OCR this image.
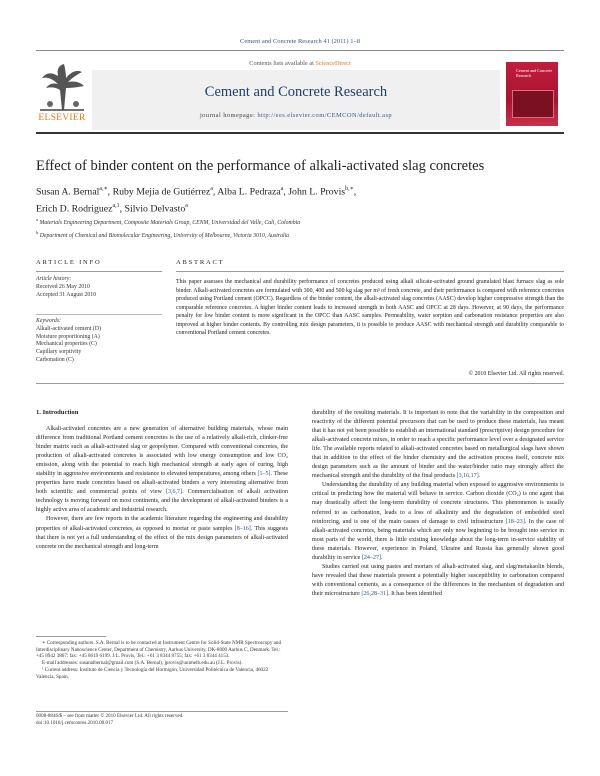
Cement and Concrete Research 41 (2011) 1–8
Contents lists available at ScienceDirect
Cement and Concrete Research
journal homepage: http://ees.elsevier.com/CEMCON/default.asp
ELSEVIER
Cement and Concrete Research
Effect of binder content on the performance of alkali-activated slag concretes
Susan A. Bernal$^{a,∗}$, Ruby Mejía de Gutiérrez$^a$, Alba L. Pedraza$^a$, John L. Provis$^{b,∗}$,
Erich D. Rodriguez$^{a,1}$, Silvio Delvasto$^a$
$^a$ Materials Engineering Department, Composite Materials Group, CENM, Universidad del Valle, Cali, Colombia
$^b$ Department of Chemical and Biomolecular Engineering, University of Melbourne, Victoria 3010, Australia
ARTICLE INFO	ABSTRACT
Article history:
Received 26 May 2010
Accepted 31 August 2010
Keywords:
Alkali-activated cement (D)
Moisture proportioning (A)
Mechanical properties (C)
Capillary sorptivity
Carbonation (C)
This paper assesses the mechanical and durability performance of concretes produced using alkali silicate-activated ground granulated blast furnace slag as sole binder. Alkali-activated concretes are formulated with 300, 400 and 500 kg slag per m³ of fresh concrete, and their performance is compared with reference concretes produced using Portland cement (OPCC). Regardless of the binder content, the alkali-activated slag concretes (AASC) develop higher compressive strength than the comparable reference concretes. A higher binder content leads to increased strength in both AASC and OPCC at 28 days. However, at 90 days, the performance penalty for low binder content is more significant in the OPCC than AASC samples. Permeability, water sorption and carbonation resistance properties are also improved at higher binder contents. By controlling mix design parameters, it is possible to produce AASC with mechanical strength and durability comparable to conventional Portland cement concretes.
© 2010 Elsevier Ltd. All rights reserved.
1. Introduction

Alkali-activated concretes are a new generation of alternative building materials, whose main difference from traditional Portland cement concretes is the use of a relatively alkali-rich, clinker-free binder matrix such as alkali-activated slag or geopolymer. Compared with conventional concretes, the production of alkali-activated concretes is associated with low energy consumption and low CO₂ emission, along with the potential to reach high mechanical strength at early ages of curing, high stability in aggressive environments and resistance to elevated temperatures, among others [1–5]. These properties have made concretes based on alkali-activated binders a very interesting alternative from both scientific and commercial points of view [3,6,7]. Commercialisation of alkali activation technology is moving forward on most continents, and the development of alkali-activated binders is a highly active area of academic and industrial research.

However, there are few reports in the academic literature regarding the engineering and durability properties of alkali-activated concretes, as opposed to mortar or paste samples [8–16]. This suggests that there is not yet a full understanding of the effect of the mix design parameters of alkali-activated concrete on the mechanical strength and long-term

durability of the resulting materials. It is important to note that the variability in the composition and reactivity of the different potential precursors that can be used to produce these materials, has meant that it has not yet been possible to establish an international standard (prescriptive) design procedure for alkali-activated concrete mixes, in order to reach a specific performance level over a designated service life. The available reports related to alkali-activated concretes based on metallurgical slags have shown that in addition to the effect of the binder chemistry and the activation process itself, concrete mix design parameters such as the amount of binder and the water/binder ratio may strongly affect the mechanical strength and the durability of the final products [3,16,17].

Understanding the durability of any building material when exposed to aggressive environments is critical in predicting how the material will behave in service. Carbon dioxide (CO₂) is one agent that may drastically affect the long-term durability of concrete structures. This phenomenon is usually referred to as carbonation, leads to a loss of alkalinity and the degradation of embedded steel reinforcing, and is one of the main causes of damage to civil infrastructure [18–23]. In the case of alkali-activated concretes, being materials which are only now beginning to be brought into service in most parts of the world, there is little existing knowledge about the long-term in-service stability of these materials. However, experience in Poland, Ukraine and Russia has generally shown good durability in service [24–27].

Studies carried out using pastes and mortars of alkali-activated slag, and slag/metakaolin blends, have revealed that these materials present a potentially higher susceptibility to carbonation compared with conventional cements, as a consequence of the differences in the mechanism of degradation and their microstructure [26,28–31]. It has been identified

∗ Corresponding authors. S.A. Bernal is to be contacted at Instrument Centre for Solid-State NMR Spectroscopy and Interdisciplinary Nanoscience Center, Department of Chemistry, Aarhus University, DK-8000 Aarhus C, Denmark. Tel.: +45 8942 3867; fax: +45 8619 6199. J.L. Provis, Tel.: +61 3 8344 8755; fax: +61 3 8344 4153.

E-mail addresses: susanalbernal@gmail.com (S.A. Bernal), jprovis@unimelb.edu.au (J.L. Provis).

¹ Current address: Instituto de Ciencia y Tecnología del Hormigón, Universidad Politécnica de Valencia, 46022 Valencia, Spain.

0008-8846/$ – see front matter © 2010 Elsevier Ltd. All rights reserved.
doi:10.1016/j.cemconres.2010.08.017
